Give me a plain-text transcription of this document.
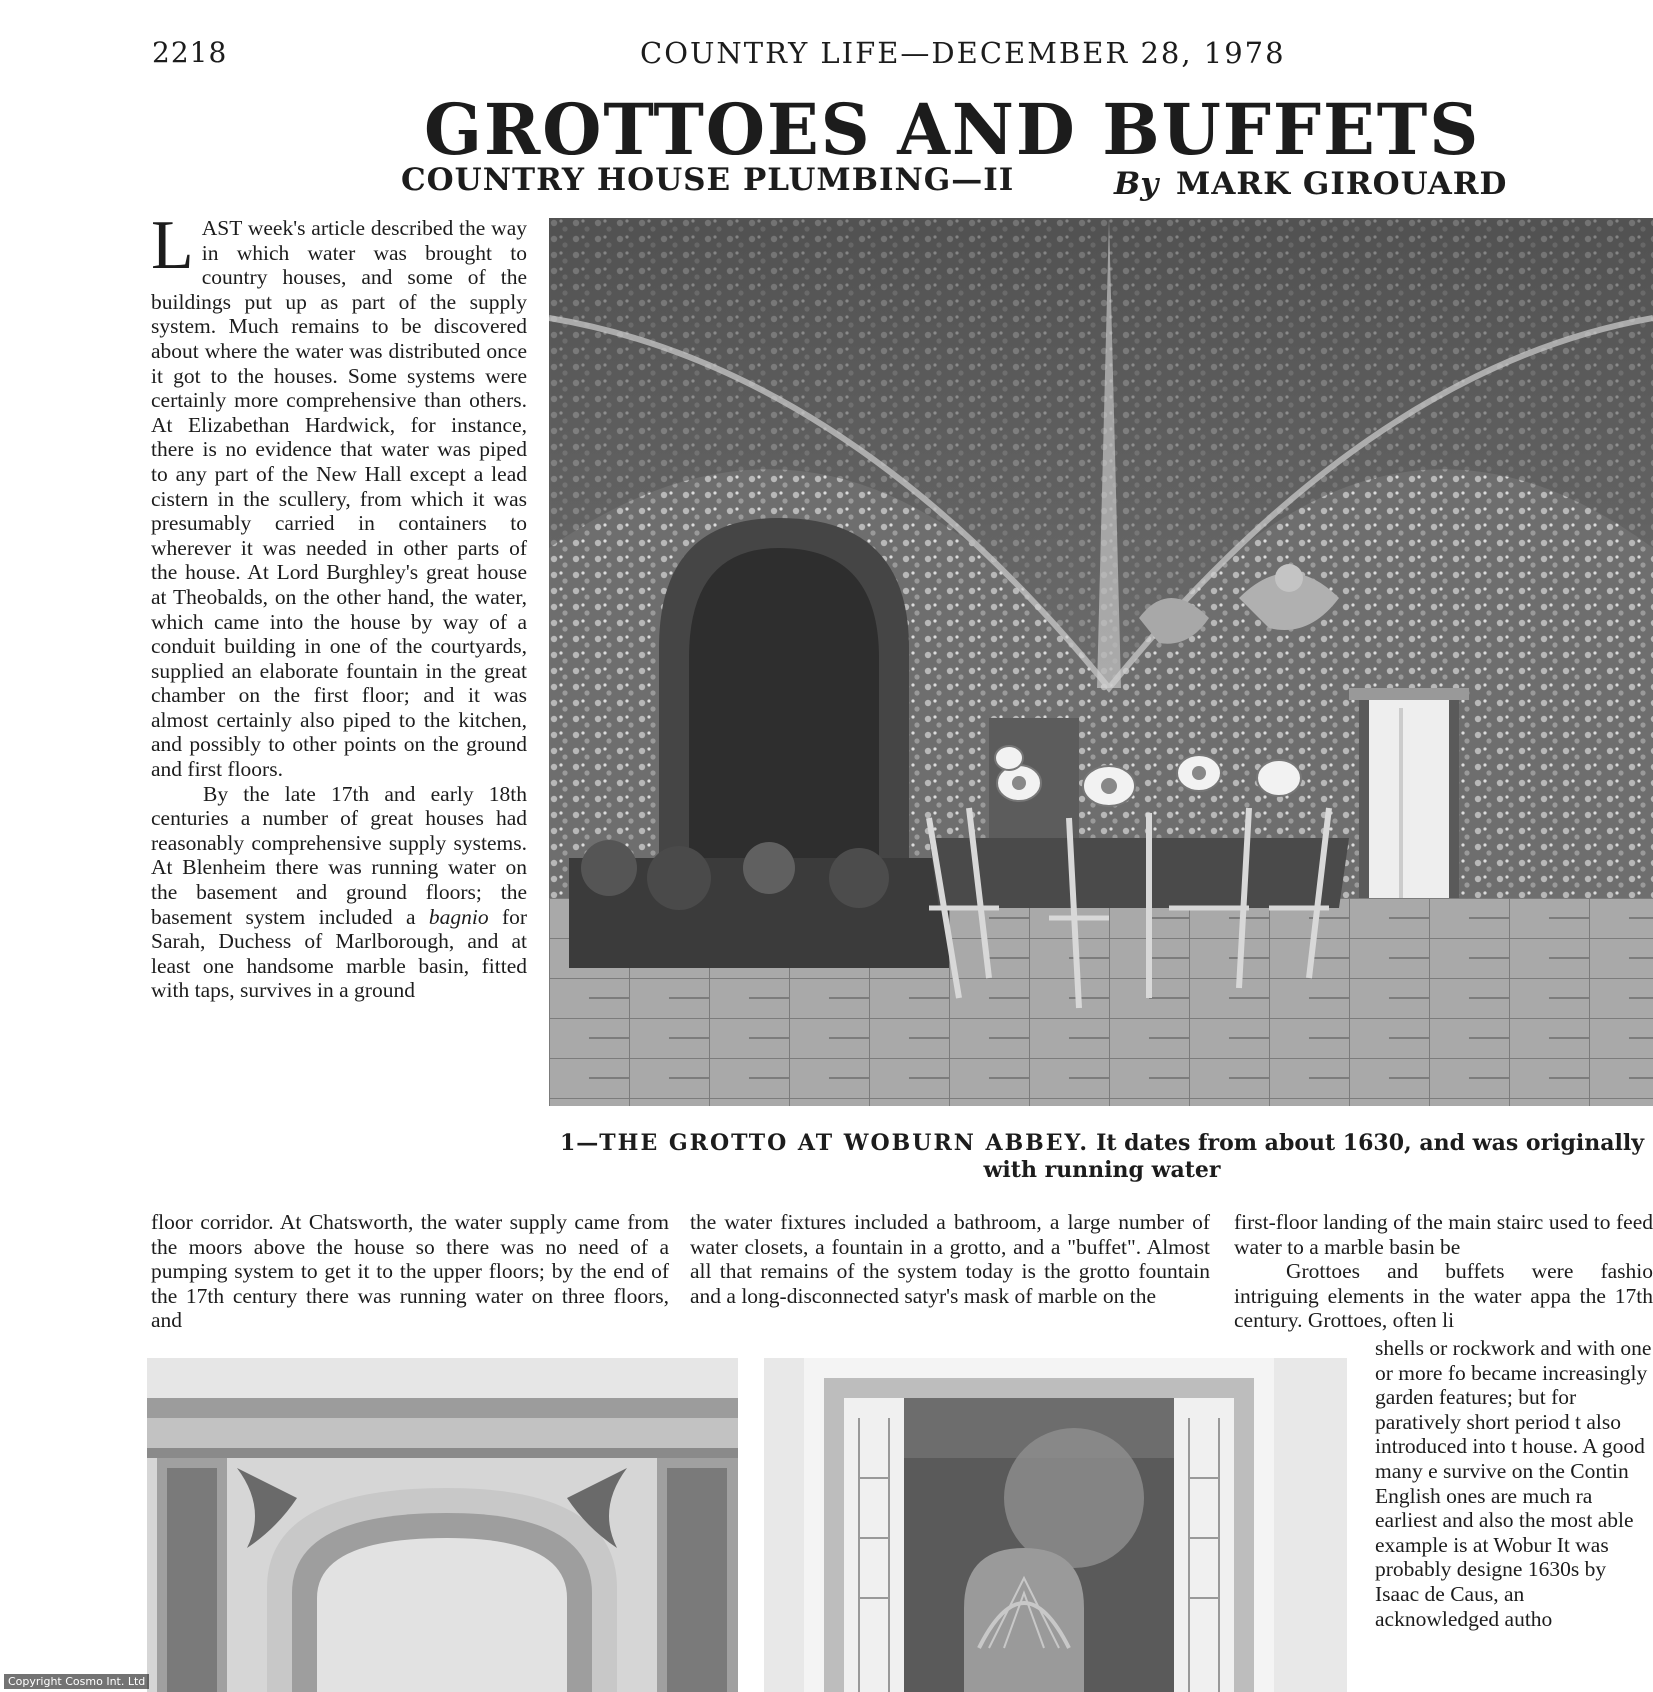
2218	COUNTRY LIFE—DECEMBER 28, 1978
GROTTOES AND BUFFETS
COUNTRY HOUSE PLUMBING—II	By MARK GIROUARD

LAST week's article described the way in which water was brought to country houses, and some of the buildings put up as part of the supply system. Much remains to be discovered about where the water was distributed once it got to the houses. Some systems were certainly more comprehensive than others. At Elizabethan Hardwick, for instance, there is no evidence that water was piped to any part of the New Hall except a lead cistern in the scullery, from which it was presumably carried in containers to wherever it was needed in other parts of the house. At Lord Burghley's great house at Theobalds, on the other hand, the water, which came into the house by way of a conduit building in one of the courtyards, supplied an elaborate fountain in the great chamber on the first floor; and it was almost certainly also piped to the kitchen, and possibly to other points on the ground and first floors.

By the late 17th and early 18th centuries a number of great houses had reasonably comprehensive supply systems. At Blenheim there was running water on the basement and ground floors; the basement system included a bagnio for Sarah, Duchess of Marlborough, and at least one handsome marble basin, fitted with taps, survives in a ground

floor corridor. At Chatsworth, the water supply came from the moors above the house so there was no need of a pumping system to get it to the upper floors; by the end of the 17th century there was running water on three floors, and

the water fixtures included a bathroom, a large number of water closets, a fountain in a grotto, and a "buffet". Almost all that remains of the system today is the grotto fountain and a long-disconnected satyr's mask of marble on the

first-floor landing of the main stairc used to feed water to a marble basin be

Grottoes and buffets were fashio intriguing elements in the water appa the 17th century. Grottoes, often li

shells or rockwork and with one or more fo became increasingly garden features; but for paratively short period t also introduced into t house. A good many e survive on the Contin English ones are much ra earliest and also the most able example is at Wobur It was probably designe 1630s by Isaac de Caus, an acknowledged autho

1—THE GROTTO AT WOBURN ABBEY. It dates from about 1630, and was originally with running water
Copyright Cosmo Int. Ltd
